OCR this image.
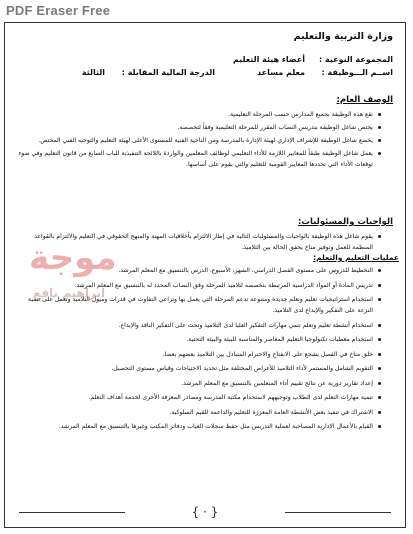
PDF Eraser Free
وزارة التربية والتعليم
المجموعة النوعية :
أعضاء هيئة التعليم
اســم الـــوظيفة :
معلم مساعد
الدرجة المالية المقابلة :
الثالثة
الوصف العام:
تقع هذه الوظيفة بجميع المدارس حسب المرحلة التعليمية.
يختص شاغل الوظيفة بتدريس النصاب المقرر للمرحلة التعليمية وفقاً لتخصصه.
يخضع شاغل الوظيفة للإشراف الإداري لهيئة الإدارة بالمدرسة ومن الناحية الفنية للمستوى الأعلى لهيئة التعليم والتوجيه الفني المختص.
يعمل شاغل الوظيفة طبقاً للمعايير اللازمة للأداء التعليمي لوظائف المعلمين والواردة باللائحة التنفيذية للباب السابع من قانون التعليم وفي ضوء توقعات الأداء التي تحددها المعايير القومية للتعليم والتي يقوم على أساسها.
موجة
ابراهيم نافع
الواجبات والمسئوليات:
يقوم شاغل هذه الوظيفة بالواجبات والمسئوليات التالية في إطار الالتزام بأخلاقيات المهنة والمنهج الحقوقي في التعليم والالتزام بالقواعد المنظمة للعمل وتوفير مناخ يحقق الحالة بين التلاميذ.
عمليات التعليم والتعلم:
التخطيط للدروس على مستوى الفصل الدراسي، الشهر، الأسبوع، الدرس بالتنسيق مع المعلم المرشد.
تدريس المادة أو المواد الدراسية المرتبطة بتخصصه لتلاميذ المرحلة وفق النصاب المحدد له بالتنسيق مع المعلم المرشد.
استخدام استراتيجيات تعليم وتعلم جديدة ومتنوعة تدعم المرحلة التي يعمل بها وتراعي التفاوت في قدرات وميول التلاميذ وتعمل على تنمية النزعة على التفكير والإبداع لدى التلاميذ.
استخدام أنشطة تعليم وتعلم تنمي مهارات التفكير العليا لدى التلاميذ وتحث على التفكير الناقد والإبداع.
استخدام معطيات تكنولوجيا التعليم المعاصر والمناسبة للبيئة والبيئة التحتية.
خلق مناخ في الفصل يشجع على الانفتاح والاحترام المتبادل بين التلاميذ بعضهم بعضا.
التقويم الشامل والمستمر لأداء التلاميذ للأغراض المختلفة مثل تحديد الاحتياجات وقياس مستوى التحصيل.
إعداد تقارير دورية عن نتائج تقييم أداء المتعلمين بالتنسيق مع المعلم المرشد.
تنمية مهارات التعلم لدى الطلاب وتوجيههم لاستخدام مكتبة المدرسة ومصادر المعرفة الأخرى لخدمة أهداف التعلم.
الاشتراك في تنفيذ بعض الأنشطة العامة المعززة للتعليم والداعمة للقيم السلوكية.
القيام بالأعمال الإدارية المصاحبة لعملية التدريس مثل حفظ سجلات الغياب ودفاتر المكتب وغيرها بالتنسيق مع المعلم المرشد.
{ · }
